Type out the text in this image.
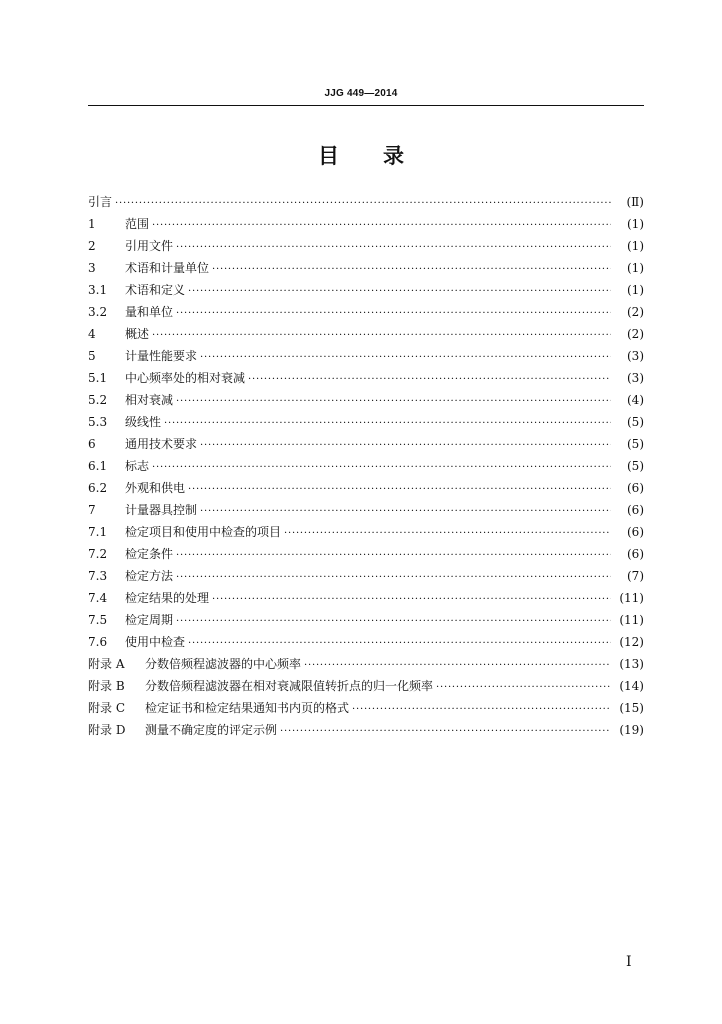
JJG 449—2014
目录
引言 ·····	(Ⅱ)
1	范围 ·····	(1)
2	引用文件 ·····	(1)
3	术语和计量单位 ·····	(1)
3.1	术语和定义 ·····	(1)
3.2	量和单位 ·····	(2)
4	概述 ·····	(2)
5	计量性能要求 ·····	(3)
5.1	中心频率处的相对衰减 ·····	(3)
5.2	相对衰减 ·····	(4)
5.3	级线性 ·····	(5)
6	通用技术要求 ·····	(5)
6.1	标志 ·····	(5)
6.2	外观和供电 ·····	(6)
7	计量器具控制 ·····	(6)
7.1	检定项目和使用中检查的项目 ·····	(6)
7.2	检定条件 ·····	(6)
7.3	检定方法 ·····	(7)
7.4	检定结果的处理 ·····	(11)
7.5	检定周期 ·····	(11)
7.6	使用中检查 ·····	(12)
附录 A	分数倍频程滤波器的中心频率 ·····	(13)
附录 B	分数倍频程滤波器在相对衰减限值转折点的归一化频率 ·····	(14)
附录 C	检定证书和检定结果通知书内页的格式 ·····	(15)
附录 D	测量不确定度的评定示例 ·····	(19)
I
